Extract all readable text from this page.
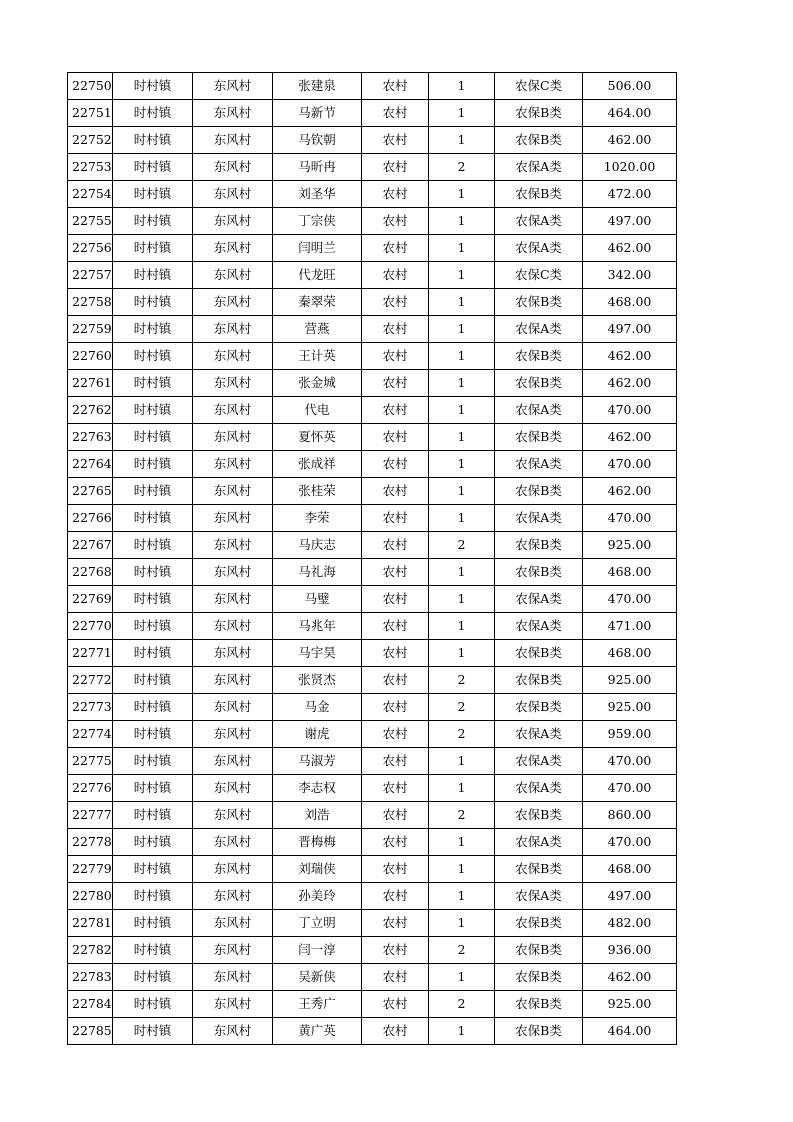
22750	时村镇	东风村	张建泉	农村	1	农保C类	506.00
22751	时村镇	东风村	马新节	农村	1	农保B类	464.00
22752	时村镇	东风村	马钦朝	农村	1	农保B类	462.00
22753	时村镇	东风村	马昕冉	农村	2	农保A类	1020.00
22754	时村镇	东风村	刘圣华	农村	1	农保B类	472.00
22755	时村镇	东风村	丁宗侠	农村	1	农保A类	497.00
22756	时村镇	东风村	闫明兰	农村	1	农保A类	462.00
22757	时村镇	东风村	代龙旺	农村	1	农保C类	342.00
22758	时村镇	东风村	秦翠荣	农村	1	农保B类	468.00
22759	时村镇	东风村	营燕	农村	1	农保A类	497.00
22760	时村镇	东风村	王计英	农村	1	农保B类	462.00
22761	时村镇	东风村	张金城	农村	1	农保B类	462.00
22762	时村镇	东风村	代电	农村	1	农保A类	470.00
22763	时村镇	东风村	夏怀英	农村	1	农保B类	462.00
22764	时村镇	东风村	张成祥	农村	1	农保A类	470.00
22765	时村镇	东风村	张桂荣	农村	1	农保B类	462.00
22766	时村镇	东风村	李荣	农村	1	农保A类	470.00
22767	时村镇	东风村	马庆志	农村	2	农保B类	925.00
22768	时村镇	东风村	马礼海	农村	1	农保B类	468.00
22769	时村镇	东风村	马璧	农村	1	农保A类	470.00
22770	时村镇	东风村	马兆年	农村	1	农保A类	471.00
22771	时村镇	东风村	马宇昊	农村	1	农保B类	468.00
22772	时村镇	东风村	张贤杰	农村	2	农保B类	925.00
22773	时村镇	东风村	马金	农村	2	农保B类	925.00
22774	时村镇	东风村	谢虎	农村	2	农保A类	959.00
22775	时村镇	东风村	马淑芳	农村	1	农保A类	470.00
22776	时村镇	东风村	李志权	农村	1	农保A类	470.00
22777	时村镇	东风村	刘浩	农村	2	农保B类	860.00
22778	时村镇	东风村	晋梅梅	农村	1	农保A类	470.00
22779	时村镇	东风村	刘瑞侠	农村	1	农保B类	468.00
22780	时村镇	东风村	孙美玲	农村	1	农保A类	497.00
22781	时村镇	东风村	丁立明	农村	1	农保B类	482.00
22782	时村镇	东风村	闫一淳	农村	2	农保B类	936.00
22783	时村镇	东风村	吴新侠	农村	1	农保B类	462.00
22784	时村镇	东风村	王秀广	农村	2	农保B类	925.00
22785	时村镇	东风村	黄广英	农村	1	农保B类	464.00
